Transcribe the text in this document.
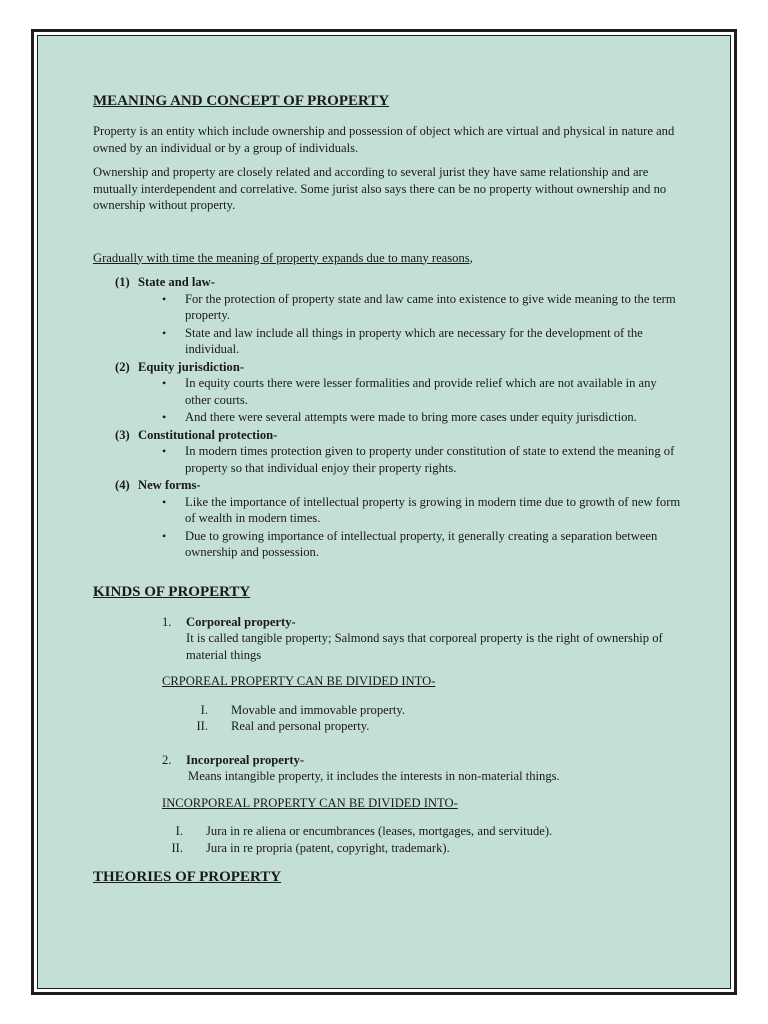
MEANING AND CONCEPT OF PROPERTY

Property is an entity which include ownership and possession of object which are virtual and physical in nature and owned by an individual or by a group of individuals.

Ownership and property are closely related and according to several jurist they have same relationship and are mutually interdependent and correlative. Some jurist also says there can be no property without ownership and no ownership without property.

Gradually with time the meaning of property expands due to many reasons,
(1) State and law-
• For the protection of property state and law came into existence to give wide meaning to the term property.
• State and law include all things in property which are necessary for the development of the individual.
(2) Equity jurisdiction-
• In equity courts there were lesser formalities and provide relief which are not available in any other courts.
• And there were several attempts were made to bring more cases under equity jurisdiction.
(3) Constitutional protection-
• In modern times protection given to property under constitution of state to extend the meaning of property so that individual enjoy their property rights.
(4) New forms-
• Like the importance of intellectual property is growing in modern time due to growth of new form of wealth in modern times.
• Due to growing importance of intellectual property, it generally creating a separation between ownership and possession.
KINDS OF PROPERTY
1.	Corporeal property-
It is called tangible property; Salmond says that corporeal property is the right of ownership of material things
CRPOREAL PROPERTY CAN BE DIVIDED INTO-
I. Movable and immovable property.
II. Real and personal property.
2.	Incorporeal property-
Means intangible property, it includes the interests in non-material things.
INCORPOREAL PROPERTY CAN BE DIVIDED INTO-
I. Jura in re aliena or encumbrances (leases, mortgages, and servitude).
II. Jura in re propria (patent, copyright, trademark).
THEORIES OF PROPERTY
